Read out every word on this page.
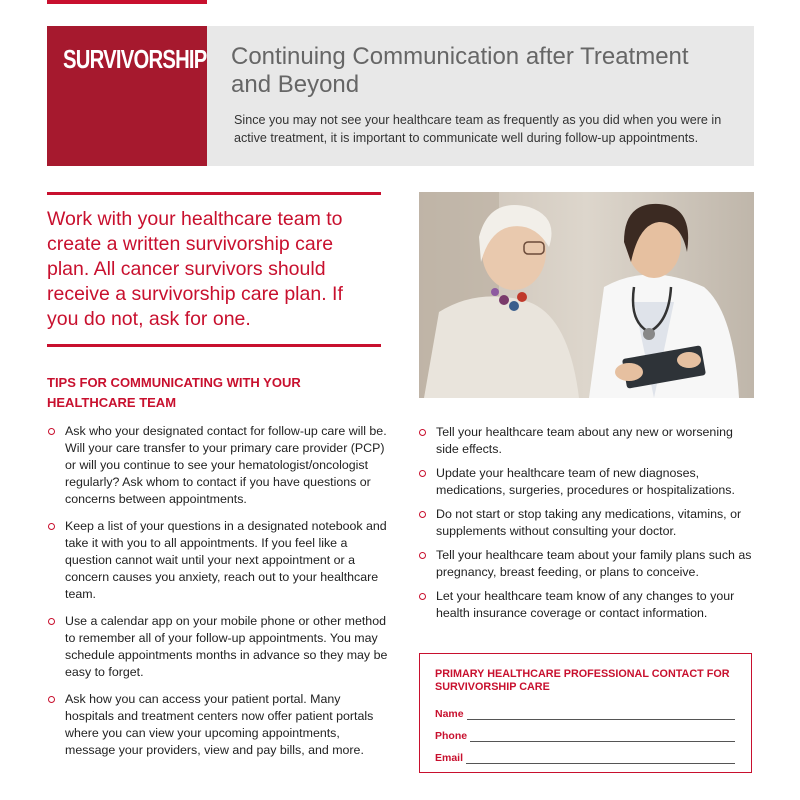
SURVIVORSHIP Continuing Communication after Treatment and Beyond
Since you may not see your healthcare team as frequently as you did when you were in active treatment, it is important to communicate well during follow-up appointments.
Work with your healthcare team to create a written survivorship care plan. All cancer survivors should receive a survivorship care plan. If you do not, ask for one.
TIPS FOR COMMUNICATING WITH YOUR HEALTHCARE TEAM
Ask who your designated contact for follow-up care will be. Will your care transfer to your primary care provider (PCP) or will you continue to see your hematologist/oncologist regularly? Ask whom to contact if you have questions or concerns between appointments.
Keep a list of your questions in a designated notebook and take it with you to all appointments. If you feel like a question cannot wait until your next appointment or a concern causes you anxiety, reach out to your healthcare team.
Use a calendar app on your mobile phone or other method to remember all of your follow-up appointments. You may schedule appointments months in advance so they may be easy to forget.
Ask how you can access your patient portal. Many hospitals and treatment centers now offer patient portals where you can view your upcoming appointments, message your providers, view and pay bills, and more.
Tell your healthcare team about any new or worsening side effects.
Update your healthcare team of new diagnoses, medications, surgeries, procedures or hospitalizations.
Do not start or stop taking any medications, vitamins, or supplements without consulting your doctor.
Tell your healthcare team about your family plans such as pregnancy, breast feeding, or plans to conceive.
Let your healthcare team know of any changes to your health insurance coverage or contact information.
PRIMARY HEALTHCARE PROFESSIONAL CONTACT FOR SURVIVORSHIP CARE
Name
Phone
Email
